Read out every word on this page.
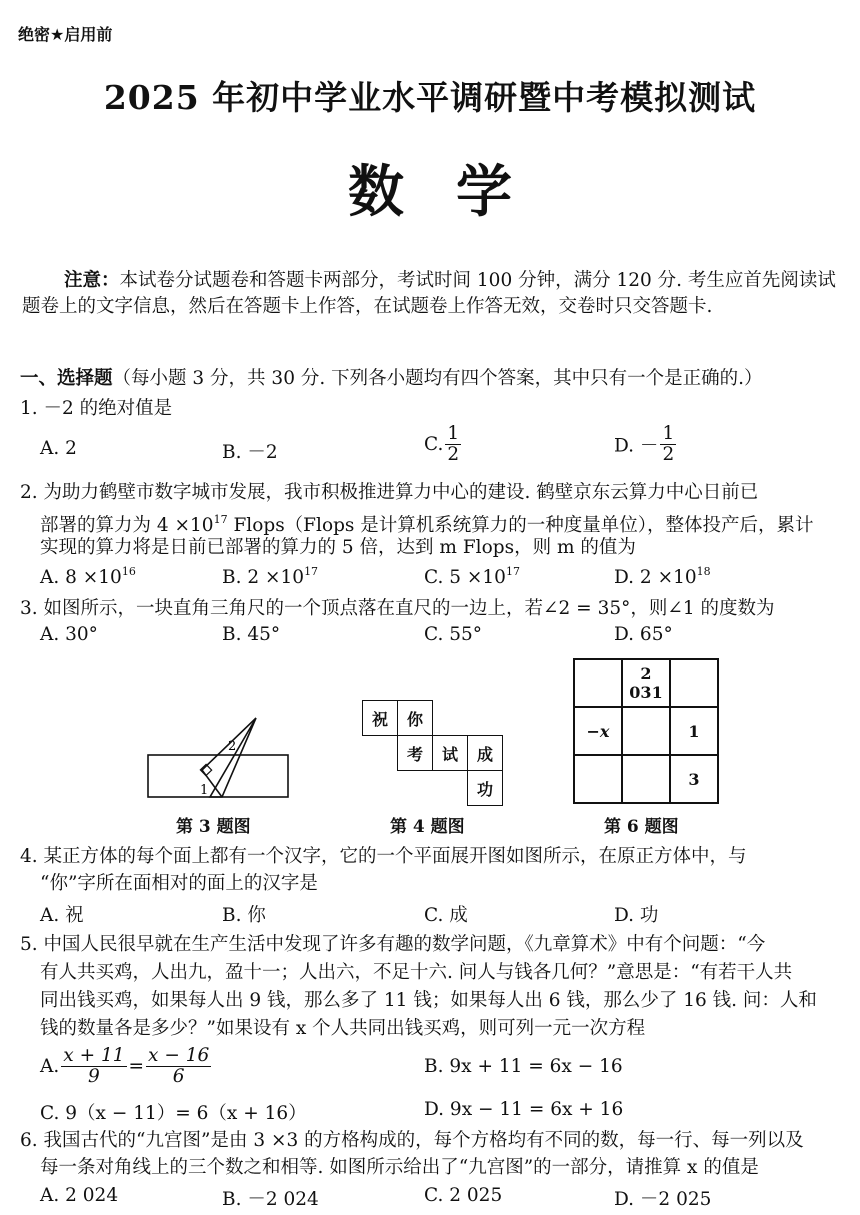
绝密★启用前
2025 年初中学业水平调研暨中考模拟测试
数学
注意：本试卷分试题卷和答题卡两部分，考试时间 100 分钟，满分 120 分. 考生应首先阅读试题卷上的文字信息，然后在答题卡上作答，在试题卷上作答无效，交卷时只交答题卡.
一、选择题（每小题 3 分，共 30 分. 下列各小题均有四个答案，其中只有一个是正确的.）
1. －2 的绝对值是
A. 2	B. －2	C. $\frac{1}{2}$	D. － $\frac{1}{2}$
2. 为助力鹤壁市数字城市发展，我市积极推进算力中心的建设. 鹤壁京东云算力中心日前已
部署的算力为 $4 \times 10^{17}$ Flops（Flops 是计算机系统算力的一种度量单位），整体投产后，累计
实现的算力将是日前已部署的算力的 5 倍，达到 m Flops，则 m 的值为
A. $8 \times 10^{16}$	B. $2 \times 10^{17}$	C. $5 \times 10^{17}$	D. $2 \times 10^{18}$
3. 如图所示，一块直角三角尺的一个顶点落在直尺的一边上，若∠2 = 35°，则∠1 的度数为
A. 30°	B. 45°	C. 55°	D. 65°
2
1
第 3 题图
祝	你		
	考	试	成
			功
第 4 题图
	2 031	
−x		1
		3
第 6 题图
4. 某正方体的每个面上都有一个汉字，它的一个平面展开图如图所示，在原正方体中，与
“你”字所在面相对的面上的汉字是
A. 祝	B. 你	C. 成	D. 功
5. 中国人民很早就在生产生活中发现了许多有趣的数学问题，《九章算术》中有个问题：“今
有人共买鸡，人出九，盈十一；人出六，不足十六. 问人与钱各几何？”意思是：“有若干人共
同出钱买鸡，如果每人出 9 钱，那么多了 11 钱；如果每人出 6 钱，那么少了 16 钱. 问：人和
钱的数量各是多少？”如果设有 x 个人共同出钱买鸡，则可列一元一次方程
A. $\frac{x + 11}{9} = \frac{x - 16}{6}$	B. 9x + 11 = 6x − 16
C. 9（x − 11）= 6（x + 16）	D. 9x − 11 = 6x + 16
6. 我国古代的“九宫图”是由 3 ×3 的方格构成的，每个方格均有不同的数，每一行、每一列以及
每一条对角线上的三个数之和相等. 如图所示给出了“九宫图”的一部分，请推算 x 的值是
A. 2 024	B. －2 024	C. 2 025	D. －2 025
